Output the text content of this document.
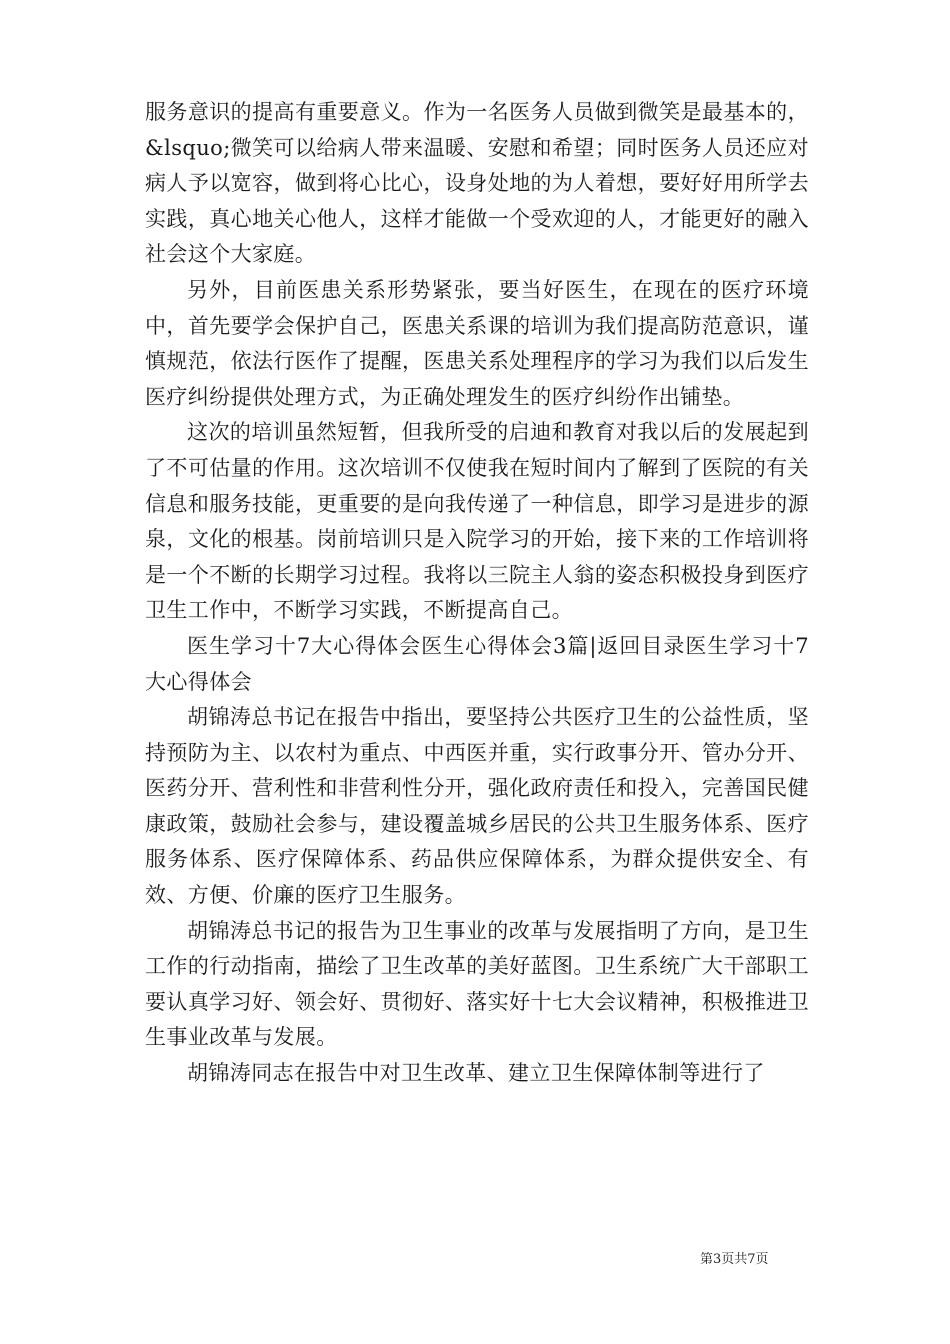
服务意识的提高有重要意义。作为一名医务人员做到微笑是最基本的，&lsquo;微笑可以给病人带来温暖、安慰和希望；同时医务人员还应对病人予以宽容，做到将心比心，设身处地的为人着想，要好好用所学去实践，真心地关心他人，这样才能做一个受欢迎的人，才能更好的融入社会这个大家庭。

另外，目前医患关系形势紧张，要当好医生，在现在的医疗环境中，首先要学会保护自己，医患关系课的培训为我们提高防范意识，谨慎规范，依法行医作了提醒，医患关系处理程序的学习为我们以后发生医疗纠纷提供处理方式，为正确处理发生的医疗纠纷作出铺垫。

这次的培训虽然短暂，但我所受的启迪和教育对我以后的发展起到了不可估量的作用。这次培训不仅使我在短时间内了解到了医院的有关信息和服务技能，更重要的是向我传递了一种信息，即学习是进步的源泉，文化的根基。岗前培训只是入院学习的开始，接下来的工作培训将是一个不断的长期学习过程。我将以三院主人翁的姿态积极投身到医疗卫生工作中，不断学习实践，不断提高自己。

医生学习十7大心得体会医生心得体会3篇|返回目录医生学习十7大心得体会

胡锦涛总书记在报告中指出，要坚持公共医疗卫生的公益性质，坚持预防为主、以农村为重点、中西医并重，实行政事分开、管办分开、医药分开、营利性和非营利性分开，强化政府责任和投入，完善国民健康政策，鼓励社会参与，建设覆盖城乡居民的公共卫生服务体系、医疗服务体系、医疗保障体系、药品供应保障体系，为群众提供安全、有效、方便、价廉的医疗卫生服务。

胡锦涛总书记的报告为卫生事业的改革与发展指明了方向，是卫生工作的行动指南，描绘了卫生改革的美好蓝图。卫生系统广大干部职工要认真学习好、领会好、贯彻好、落实好十七大会议精神，积极推进卫生事业改革与发展。

胡锦涛同志在报告中对卫生改革、建立卫生保障体制等进行了

第3页共7页
